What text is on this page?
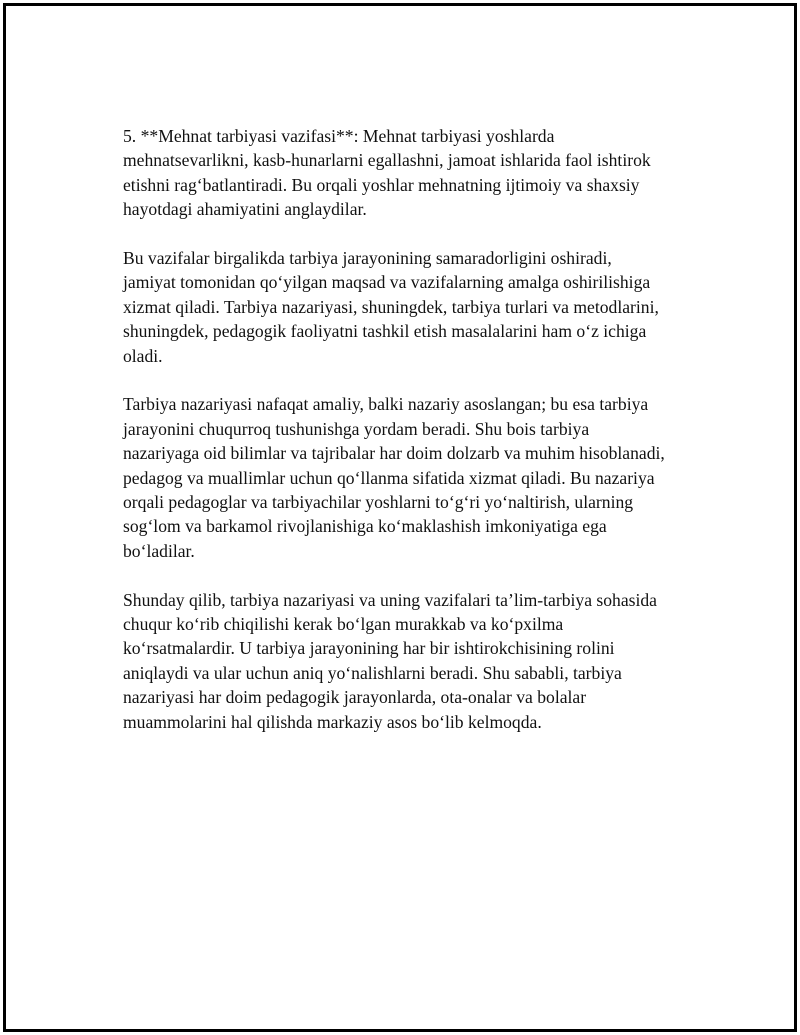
5. **Mehnat tarbiyasi vazifasi**: Mehnat tarbiyasi yoshlarda
mehnatsevarlikni, kasb-hunarlarni egallashni, jamoat ishlarida faol ishtirok
etishni rag‘batlantiradi. Bu orqali yoshlar mehnatning ijtimoiy va shaxsiy
hayotdagi ahamiyatini anglaydilar.

Bu vazifalar birgalikda tarbiya jarayonining samaradorligini oshiradi,
jamiyat tomonidan qo‘yilgan maqsad va vazifalarning amalga oshirilishiga
xizmat qiladi. Tarbiya nazariyasi, shuningdek, tarbiya turlari va metodlarini,
shuningdek, pedagogik faoliyatni tashkil etish masalalarini ham o‘z ichiga
oladi.

Tarbiya nazariyasi nafaqat amaliy, balki nazariy asoslangan; bu esa tarbiya
jarayonini chuqurroq tushunishga yordam beradi. Shu bois tarbiya
nazariyaga oid bilimlar va tajribalar har doim dolzarb va muhim hisoblanadi,
pedagog va muallimlar uchun qo‘llanma sifatida xizmat qiladi. Bu nazariya
orqali pedagoglar va tarbiyachilar yoshlarni to‘g‘ri yo‘naltirish, ularning
sog‘lom va barkamol rivojlanishiga ko‘maklashish imkoniyatiga ega
bo‘ladilar.

Shunday qilib, tarbiya nazariyasi va uning vazifalari ta’lim-tarbiya sohasida
chuqur ko‘rib chiqilishi kerak bo‘lgan murakkab va ko‘pxilma
ko‘rsatmalardir. U tarbiya jarayonining har bir ishtirokchisining rolini
aniqlaydi va ular uchun aniq yo‘nalishlarni beradi. Shu sababli, tarbiya
nazariyasi har doim pedagogik jarayonlarda, ota-onalar va bolalar
muammolarini hal qilishda markaziy asos bo‘lib kelmoqda.
